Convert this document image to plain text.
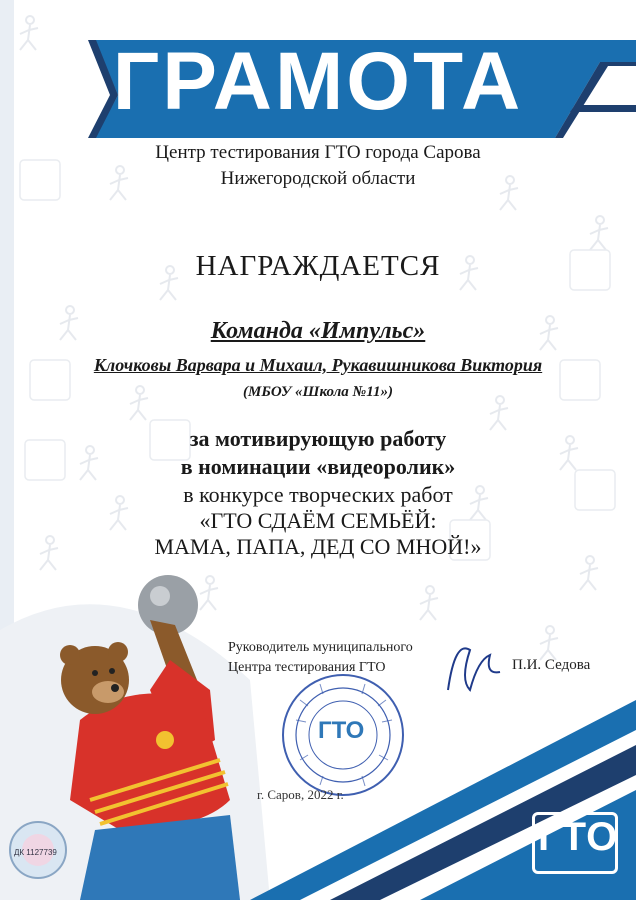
ГРАМОТА
Центр тестирования ГТО города Сарова
Нижегородской области
НАГРАЖДАЕТСЯ
Команда «Импульс»
Клочковы Варвара и Михаил, Рукавишникова Виктория
(МБОУ «Школа №11»)
за мотивирующую работу
в номинации «видеоролик»
в конкурсе творческих работ
«ГТО СДАЁМ СЕМЬЁЙ:
МАМА, ПАПА, ДЕД СО МНОЙ!»
ДК 1127739
Руководитель муниципального
Центра тестирования ГТО	П.И. Седова
ГТО
г. Саров, 2022 г.
ГТО
